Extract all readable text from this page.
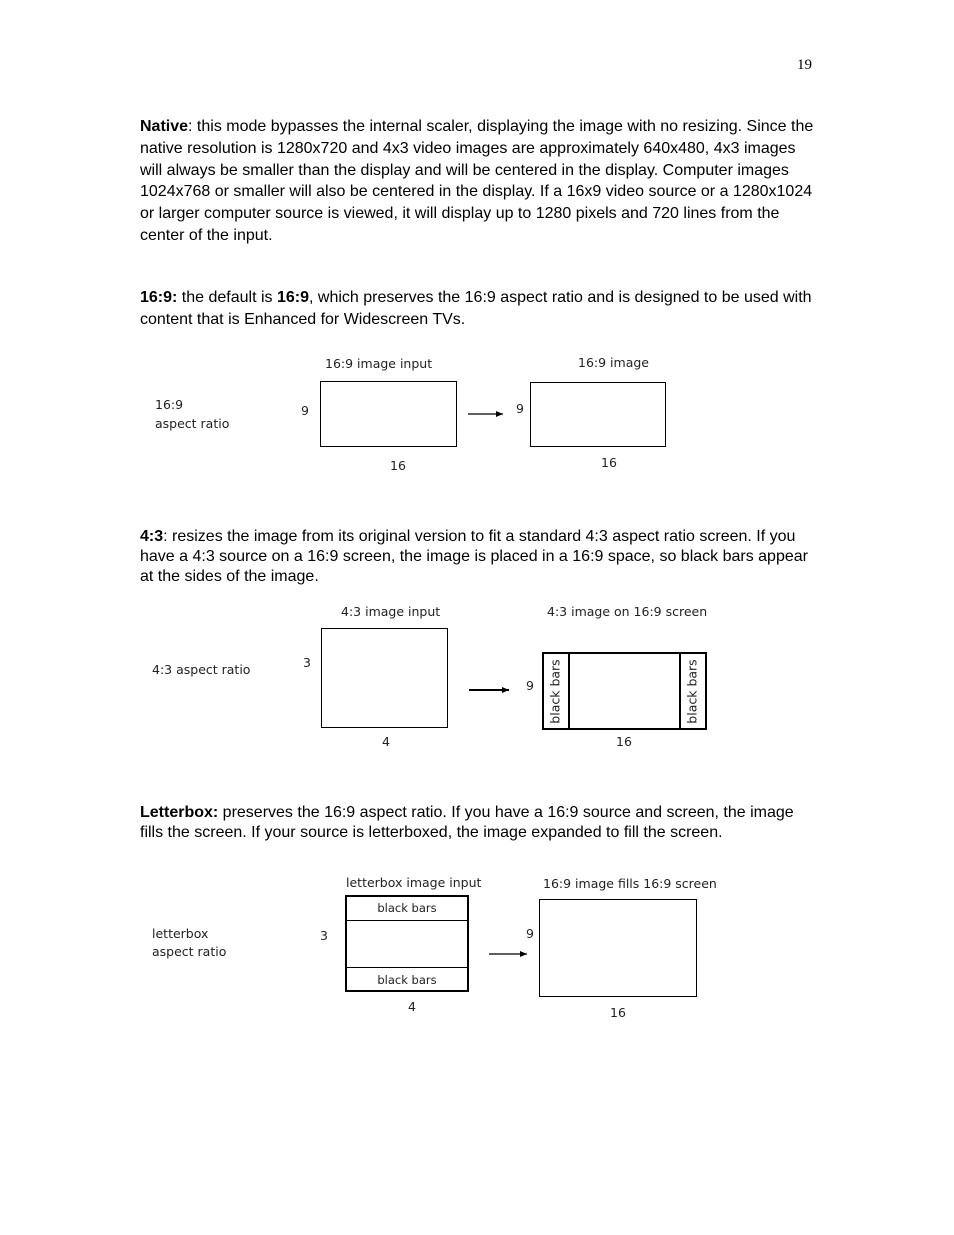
19
Native: this mode bypasses the internal scaler, displaying the image with no resizing. Since the native resolution is 1280x720 and 4x3 video images are approximately 640x480, 4x3 images will always be smaller than the display and will be centered in the display. Computer images 1024x768 or smaller will also be centered in the display. If a 16x9 video source or a 1280x1024 or larger computer source is viewed, it will display up to 1280 pixels and 720 lines from the center of the input.
16:9: the default is 16:9, which preserves the 16:9 aspect ratio and is designed to be used with content that is Enhanced for Widescreen TVs.
16:9
aspect ratio
16:9 image input
9
16
16:9 image
9
16
4:3: resizes the image from its original version to fit a standard 4:3 aspect ratio screen. If you have a 4:3 source on a 16:9 screen, the image is placed in a 16:9 space, so black bars appear at the sides of the image.
4:3 aspect ratio
4:3 image input
3
4
4:3 image on 16:9 screen
9	black bars	black bars
16
Letterbox: preserves the 16:9 aspect ratio. If you have a 16:9 source and screen, the image fills the screen. If your source is letterboxed, the image expanded to fill the screen.
letterbox
aspect ratio
letterbox image input
3
black bars
black bars
4
16:9 image fills 16:9 screen
9
16
